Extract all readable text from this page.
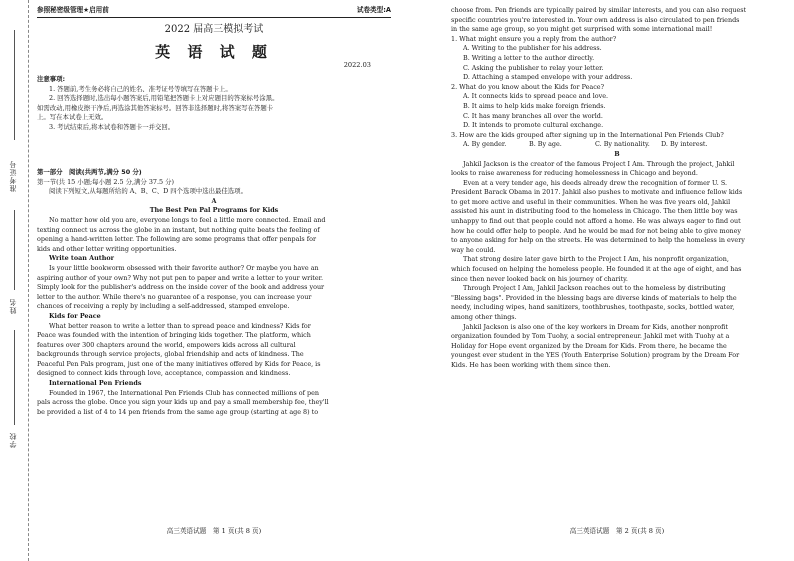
准考证号
姓名
学校
参照秘密级管理★启用前	试卷类型:A
2022 届高三模拟考试
英 语 试 题
2022.03
注意事项:
1. 答题前,考生务必将自己的姓名、准考证号等填写在答题卡上。
2. 回答选择题时,选出每小题答案后,用铅笔把答题卡上对应题目的答案标号涂黑。
如需改动,用橡皮擦干净后,再选涂其他答案标号。回答非选择题时,将答案写在答题卡
上。写在本试卷上无效。
3. 考试结束后,将本试卷和答题卡一并交回。
第一部分　阅读(共两节,满分 50 分)
第一节(共 15 小题;每小题 2.5 分,满分 37.5 分)
阅读下列短文,从每题所给的 A、B、C、D 四个选项中选出最佳选项。
A
The Best Pen Pal Programs for Kids
No matter how old you are, everyone longs to feel a little more connected. Email and
texting connect us across the globe in an instant, but nothing quite beats the feeling of
opening a hand-written letter. The following are some programs that offer penpals for
kids and other letter writing opportunities.
Write toan Author
Is your little bookworm obsessed with their favorite author? Or maybe you have an
aspiring author of your own? Why not put pen to paper and write a letter to your writer.
Simply look for the publisher's address on the inside cover of the book and address your
letter to the author. While there's no guarantee of a response, you can increase your
chances of receiving a reply by including a self-addressed, stamped envelope.
Kids for Peace
What better reason to write a letter than to spread peace and kindness? Kids for
Peace was founded with the intention of bringing kids together. The platform, which
features over 300 chapters around the world, empowers kids across all cultural
backgrounds through service projects, global friendship and acts of kindness. The
Peaceful Pen Pals program, just one of the many initiatives offered by Kids for Peace, is
designed to connect kids through love, acceptance, compassion and kindness.
International Pen Friends
Founded in 1967, the International Pen Friends Club has connected millions of pen
pals across the globe. Once you sign your kids up and pay a small membership fee, they'll
be provided a list of 4 to 14 pen friends from the same age group (starting at age 8) to
高三英语试题　第 1 页(共 8 页)
choose from. Pen friends are typically paired by similar interests, and you can also request
specific countries you're interested in. Your own address is also circulated to pen friends
in the same age group, so you might get surprised with some international mail!
1. What might ensure you a reply from the author?
A. Writing to the publisher for his address.
B. Writing a letter to the author directly.
C. Asking the publisher to relay your letter.
D. Attaching a stamped envelope with your address.
2. What do you know about the Kids for Peace?
A. It connects kids to spread peace and love.
B. It aims to help kids make foreign friends.
C. It has many branches all over the world.
D. It intends to promote cultural exchange.
3. How are the kids grouped after signing up in the International Pen Friends Club?
A. By gender.	B. By age.	C. By nationality.	D. By interest.
B
Jahkil Jackson is the creator of the famous Project I Am. Through the project, Jahkil
looks to raise awareness for reducing homelessness in Chicago and beyond.
Even at a very tender age, his deeds already drew the recognition of former U. S.
President Barack Obama in 2017. Jahkil also pushes to motivate and influence fellow kids
to get more active and useful in their communities. When he was five years old, Jahkil
assisted his aunt in distributing food to the homeless in Chicago. The then little boy was
unhappy to find out that people could not afford a home. He was always eager to find out
how he could offer help to people. And he would be mad for not being able to give money
to anyone asking for help on the streets. He was determined to help the homeless in every
way he could.
That strong desire later gave birth to the Project I Am, his nonprofit organization,
which focused on helping the homeless people. He founded it at the age of eight, and has
since then never looked back on his journey of charity.
Through Project I Am, Jahkil Jackson reaches out to the homeless by distributing
"Blessing bags". Provided in the blessing bags are diverse kinds of materials to help the
needy, including wipes, hand sanitizers, toothbrushes, toothpaste, socks, bottled water,
among other things.
Jahkil Jackson is also one of the key workers in Dream for Kids, another nonprofit
organization founded by Tom Tuohy, a social entrepreneur. Jahkil met with Tuohy at a
Holiday for Hope event organized by the Dream for Kids. From there, he became the
youngest ever student in the YES (Youth Enterprise Solution) program by the Dream For
Kids. He has been working with them since then.
高三英语试题　第 2 页(共 8 页)
